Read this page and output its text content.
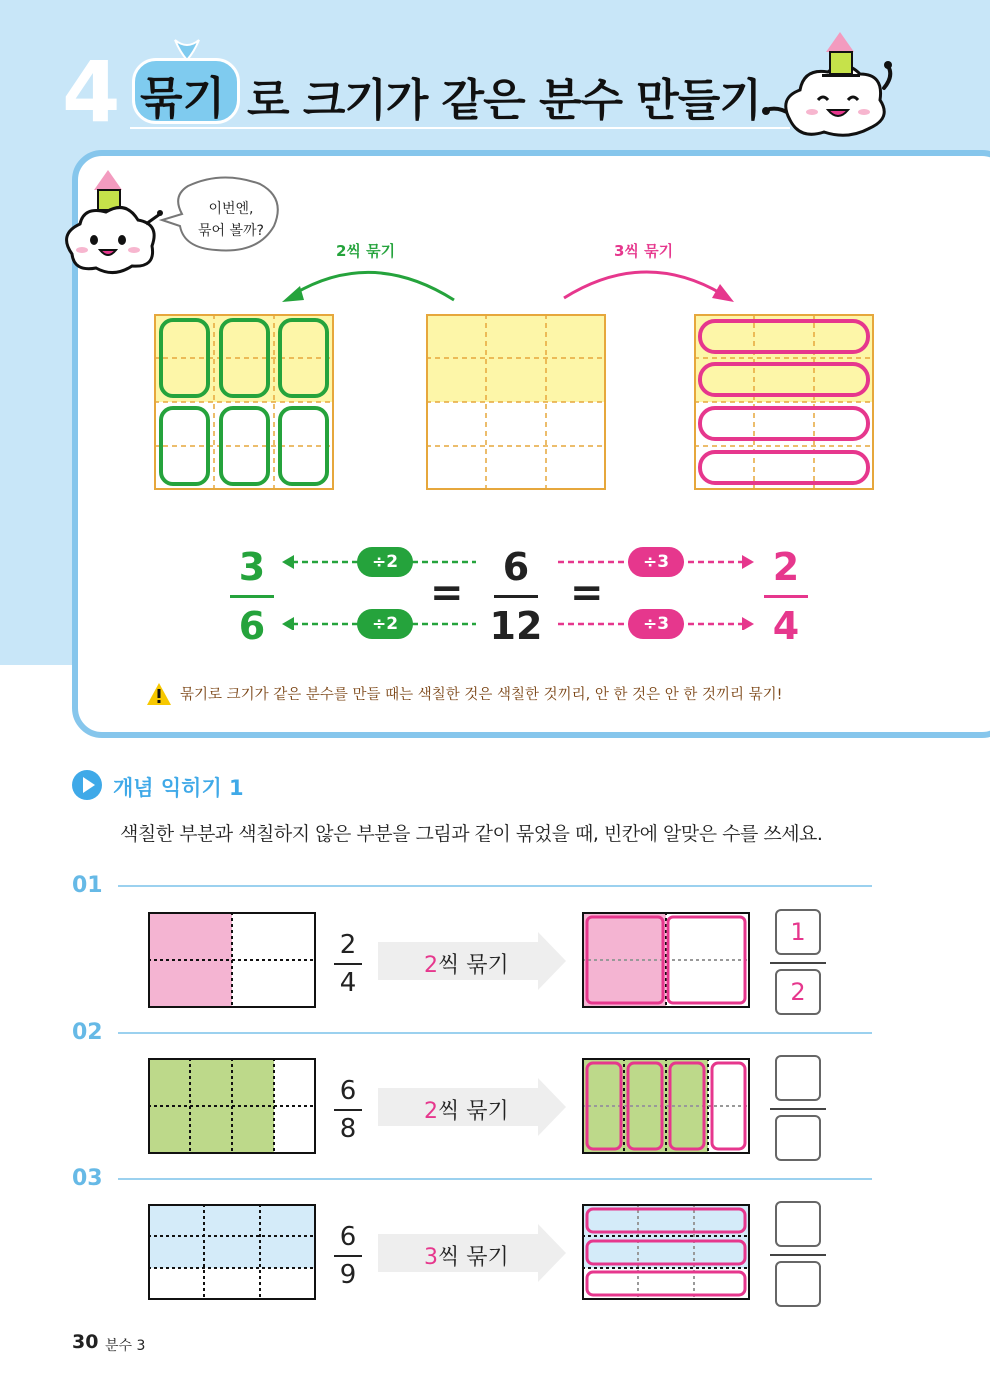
4 묶기 로 크기가 같은 분수 만들기
이번엔,
묶어 볼까?
2씩 묶기	3씩 묶기
3
6
6
12
2
4
=	=
÷2
÷2
÷3
÷3
묶기로 크기가 같은 분수를 만들 때는 색칠한 것은 색칠한 것끼리, 안 한 것은 안 한 것끼리 묶기!
개념 익히기 1
색칠한 부분과 색칠하지 않은 부분을 그림과 같이 묶었을 때, 빈칸에 알맞은 수를 쓰세요.
01
2
4
2씩 묶기
1
2
02
6
8
2씩 묶기
03
6
9
3씩 묶기
30 분수 3
